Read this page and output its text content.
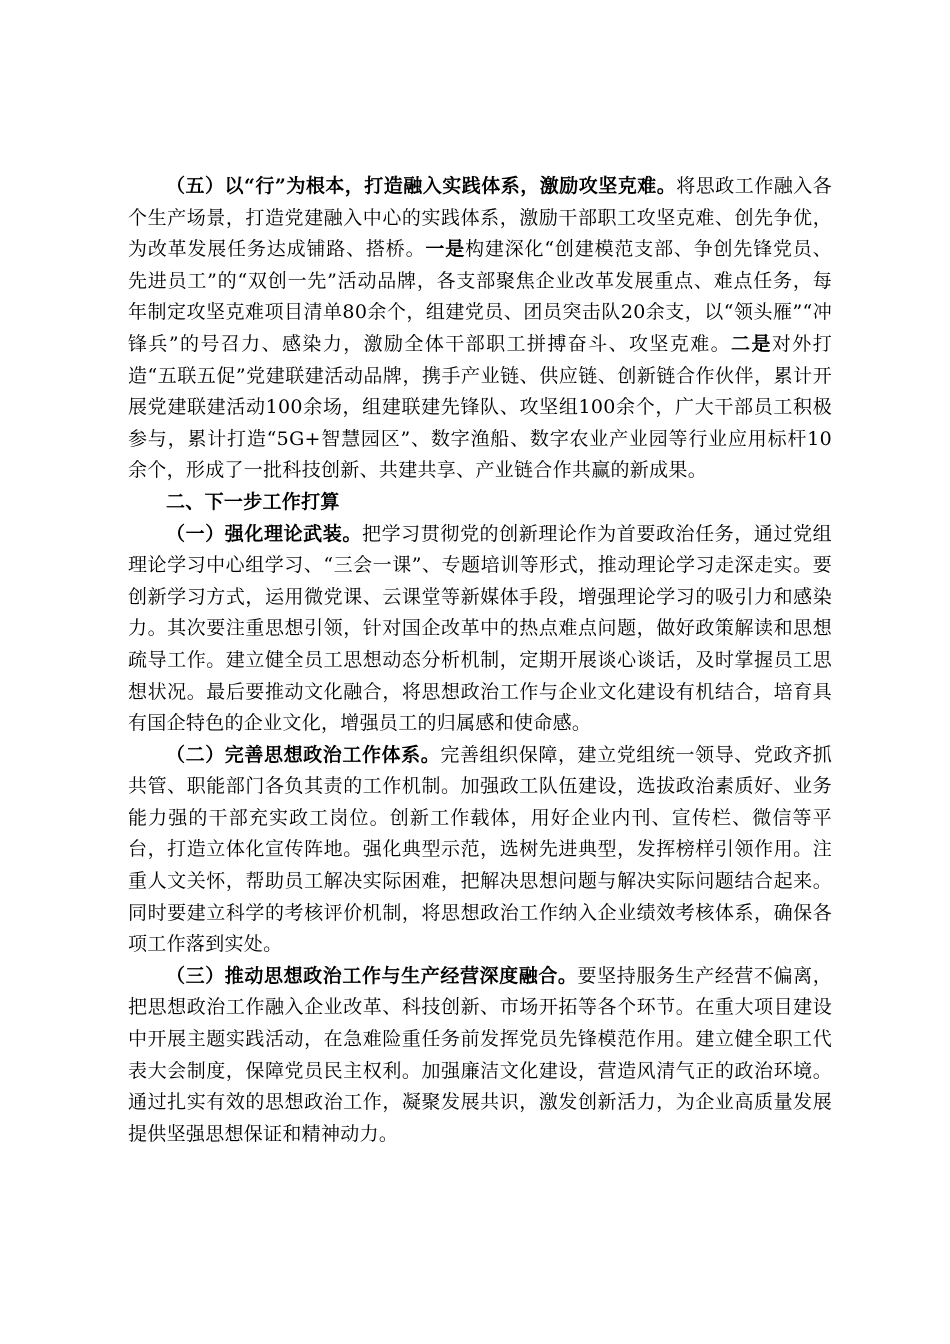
（五）以“行”为根本，打造融入实践体系，激励攻坚克难。将思政工作融入各个生产场景，打造党建融入中心的实践体系，激励干部职工攻坚克难、创先争优，为改革发展任务达成铺路、搭桥。一是构建深化“创建模范支部、争创先锋党员、先进员工”的“双创一先”活动品牌，各支部聚焦企业改革发展重点、难点任务，每年制定攻坚克难项目清单80余个，组建党员、团员突击队20余支，以“领头雁”“冲锋兵”的号召力、感染力，激励全体干部职工拼搏奋斗、攻坚克难。二是对外打造“五联五促”党建联建活动品牌，携手产业链、供应链、创新链合作伙伴，累计开展党建联建活动100余场，组建联建先锋队、攻坚组100余个，广大干部员工积极参与，累计打造“5G+智慧园区”、数字渔船、数字农业产业园等行业应用标杆10余个，形成了一批科技创新、共建共享、产业链合作共赢的新成果。

二、下一步工作打算

（一）强化理论武装。把学习贯彻党的创新理论作为首要政治任务，通过党组理论学习中心组学习、“三会一课”、专题培训等形式，推动理论学习走深走实。要创新学习方式，运用微党课、云课堂等新媒体手段，增强理论学习的吸引力和感染力。其次要注重思想引领，针对国企改革中的热点难点问题，做好政策解读和思想疏导工作。建立健全员工思想动态分析机制，定期开展谈心谈话，及时掌握员工思想状况。最后要推动文化融合，将思想政治工作与企业文化建设有机结合，培育具有国企特色的企业文化，增强员工的归属感和使命感。

（二）完善思想政治工作体系。完善组织保障，建立党组统一领导、党政齐抓共管、职能部门各负其责的工作机制。加强政工队伍建设，选拔政治素质好、业务能力强的干部充实政工岗位。创新工作载体，用好企业内刊、宣传栏、微信等平台，打造立体化宣传阵地。强化典型示范，选树先进典型，发挥榜样引领作用。注重人文关怀，帮助员工解决实际困难，把解决思想问题与解决实际问题结合起来。同时要建立科学的考核评价机制，将思想政治工作纳入企业绩效考核体系，确保各项工作落到实处。

（三）推动思想政治工作与生产经营深度融合。要坚持服务生产经营不偏离，把思想政治工作融入企业改革、科技创新、市场开拓等各个环节。在重大项目建设中开展主题实践活动，在急难险重任务前发挥党员先锋模范作用。建立健全职工代表大会制度，保障党员民主权利。加强廉洁文化建设，营造风清气正的政治环境。通过扎实有效的思想政治工作，凝聚发展共识，激发创新活力，为企业高质量发展提供坚强思想保证和精神动力。
